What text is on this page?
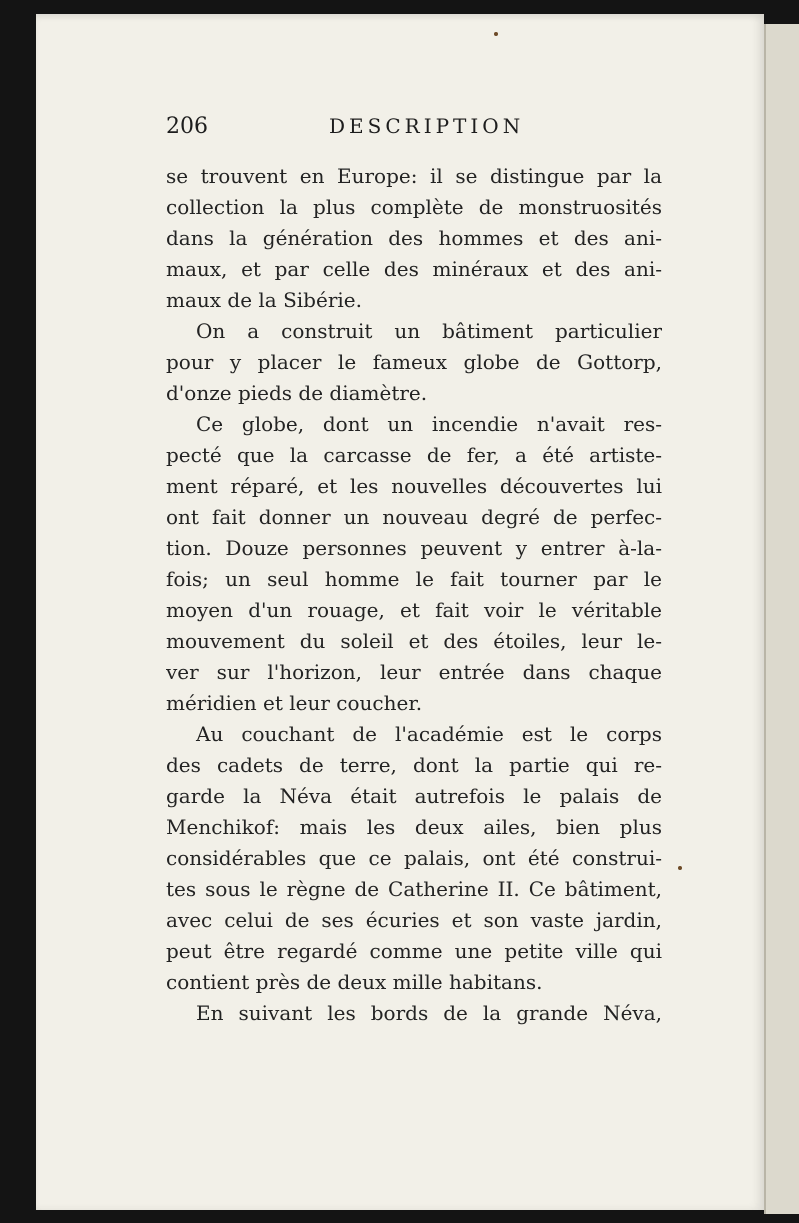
206	DESCRIPTION
se trouvent en Europe: il se distingue par la
collection la plus complète de monstruosités
dans la génération des hommes et des ani-
maux, et par celle des minéraux et des ani-
maux de la Sibérie.
On a construit un bâtiment particulier
pour y placer le fameux globe de Gottorp,
d'onze pieds de diamètre.
Ce globe, dont un incendie n'avait res-
pecté que la carcasse de fer, a été artiste-
ment réparé, et les nouvelles découvertes lui
ont fait donner un nouveau degré de perfec-
tion. Douze personnes peuvent y entrer à-la-
fois; un seul homme le fait tourner par le
moyen d'un rouage, et fait voir le véritable
mouvement du soleil et des étoiles, leur le-
ver sur l'horizon, leur entrée dans chaque
méridien et leur coucher.
Au couchant de l'académie est le corps
des cadets de terre, dont la partie qui re-
garde la Néva était autrefois le palais de
Menchikof: mais les deux ailes, bien plus
considérables que ce palais, ont été construi-
tes sous le règne de Catherine II. Ce bâtiment,
avec celui de ses écuries et son vaste jardin,
peut être regardé comme une petite ville qui
contient près de deux mille habitans.
En suivant les bords de la grande Néva,
